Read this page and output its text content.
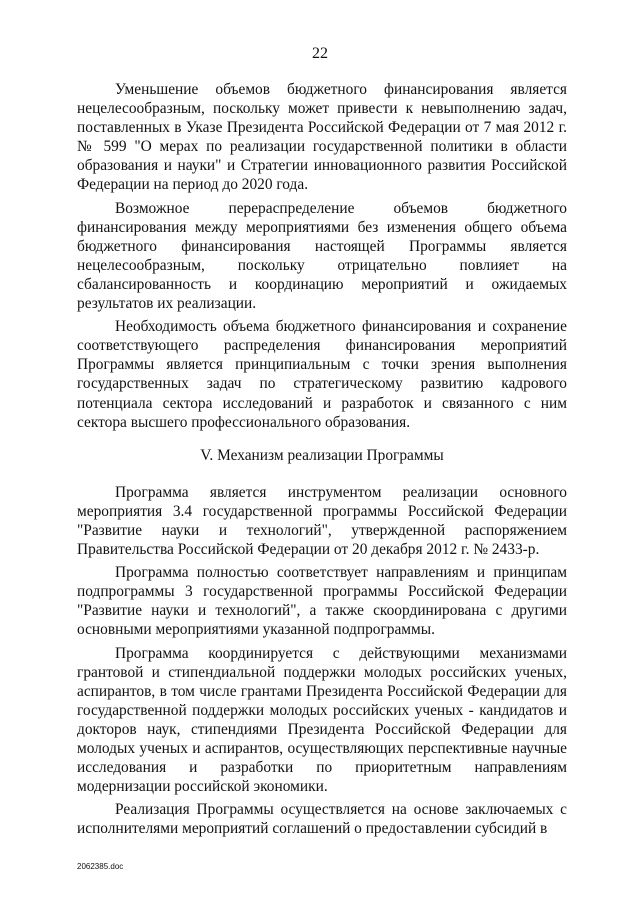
22

Уменьшение объемов бюджетного финансирования является нецелесообразным, поскольку может привести к невыполнению задач, поставленных в Указе Президента Российской Федерации от 7 мая 2012 г. № 599 "О мерах по реализации государственной политики в области образования и науки" и Стратегии инновационного развития Российской Федерации на период до 2020 года.

Возможное перераспределение объемов бюджетного финансирования между мероприятиями без изменения общего объема бюджетного финансирования настоящей Программы является нецелесообразным, поскольку отрицательно повлияет на сбалансированность и координацию мероприятий и ожидаемых результатов их реализации.

Необходимость объема бюджетного финансирования и сохранение соответствующего распределения финансирования мероприятий Программы является принципиальным с точки зрения выполнения государственных задач по стратегическому развитию кадрового потенциала сектора исследований и разработок и связанного с ним сектора высшего профессионального образования.

V. Механизм реализации Программы

Программа является инструментом реализации основного мероприятия 3.4 государственной программы Российской Федерации "Развитие науки и технологий", утвержденной распоряжением Правительства Российской Федерации от 20 декабря 2012 г. № 2433-р.

Программа полностью соответствует направлениям и принципам подпрограммы 3 государственной программы Российской Федерации "Развитие науки и технологий", а также скоординирована с другими основными мероприятиями указанной подпрограммы.

Программа координируется с действующими механизмами грантовой и стипендиальной поддержки молодых российских ученых, аспирантов, в том числе грантами Президента Российской Федерации для государственной поддержки молодых российских ученых - кандидатов и докторов наук, стипендиями Президента Российской Федерации для молодых ученых и аспирантов, осуществляющих перспективные научные исследования и разработки по приоритетным направлениям модернизации российской экономики.

Реализация Программы осуществляется на основе заключаемых с исполнителями мероприятий соглашений о предоставлении субсидий в

2062385.doc
